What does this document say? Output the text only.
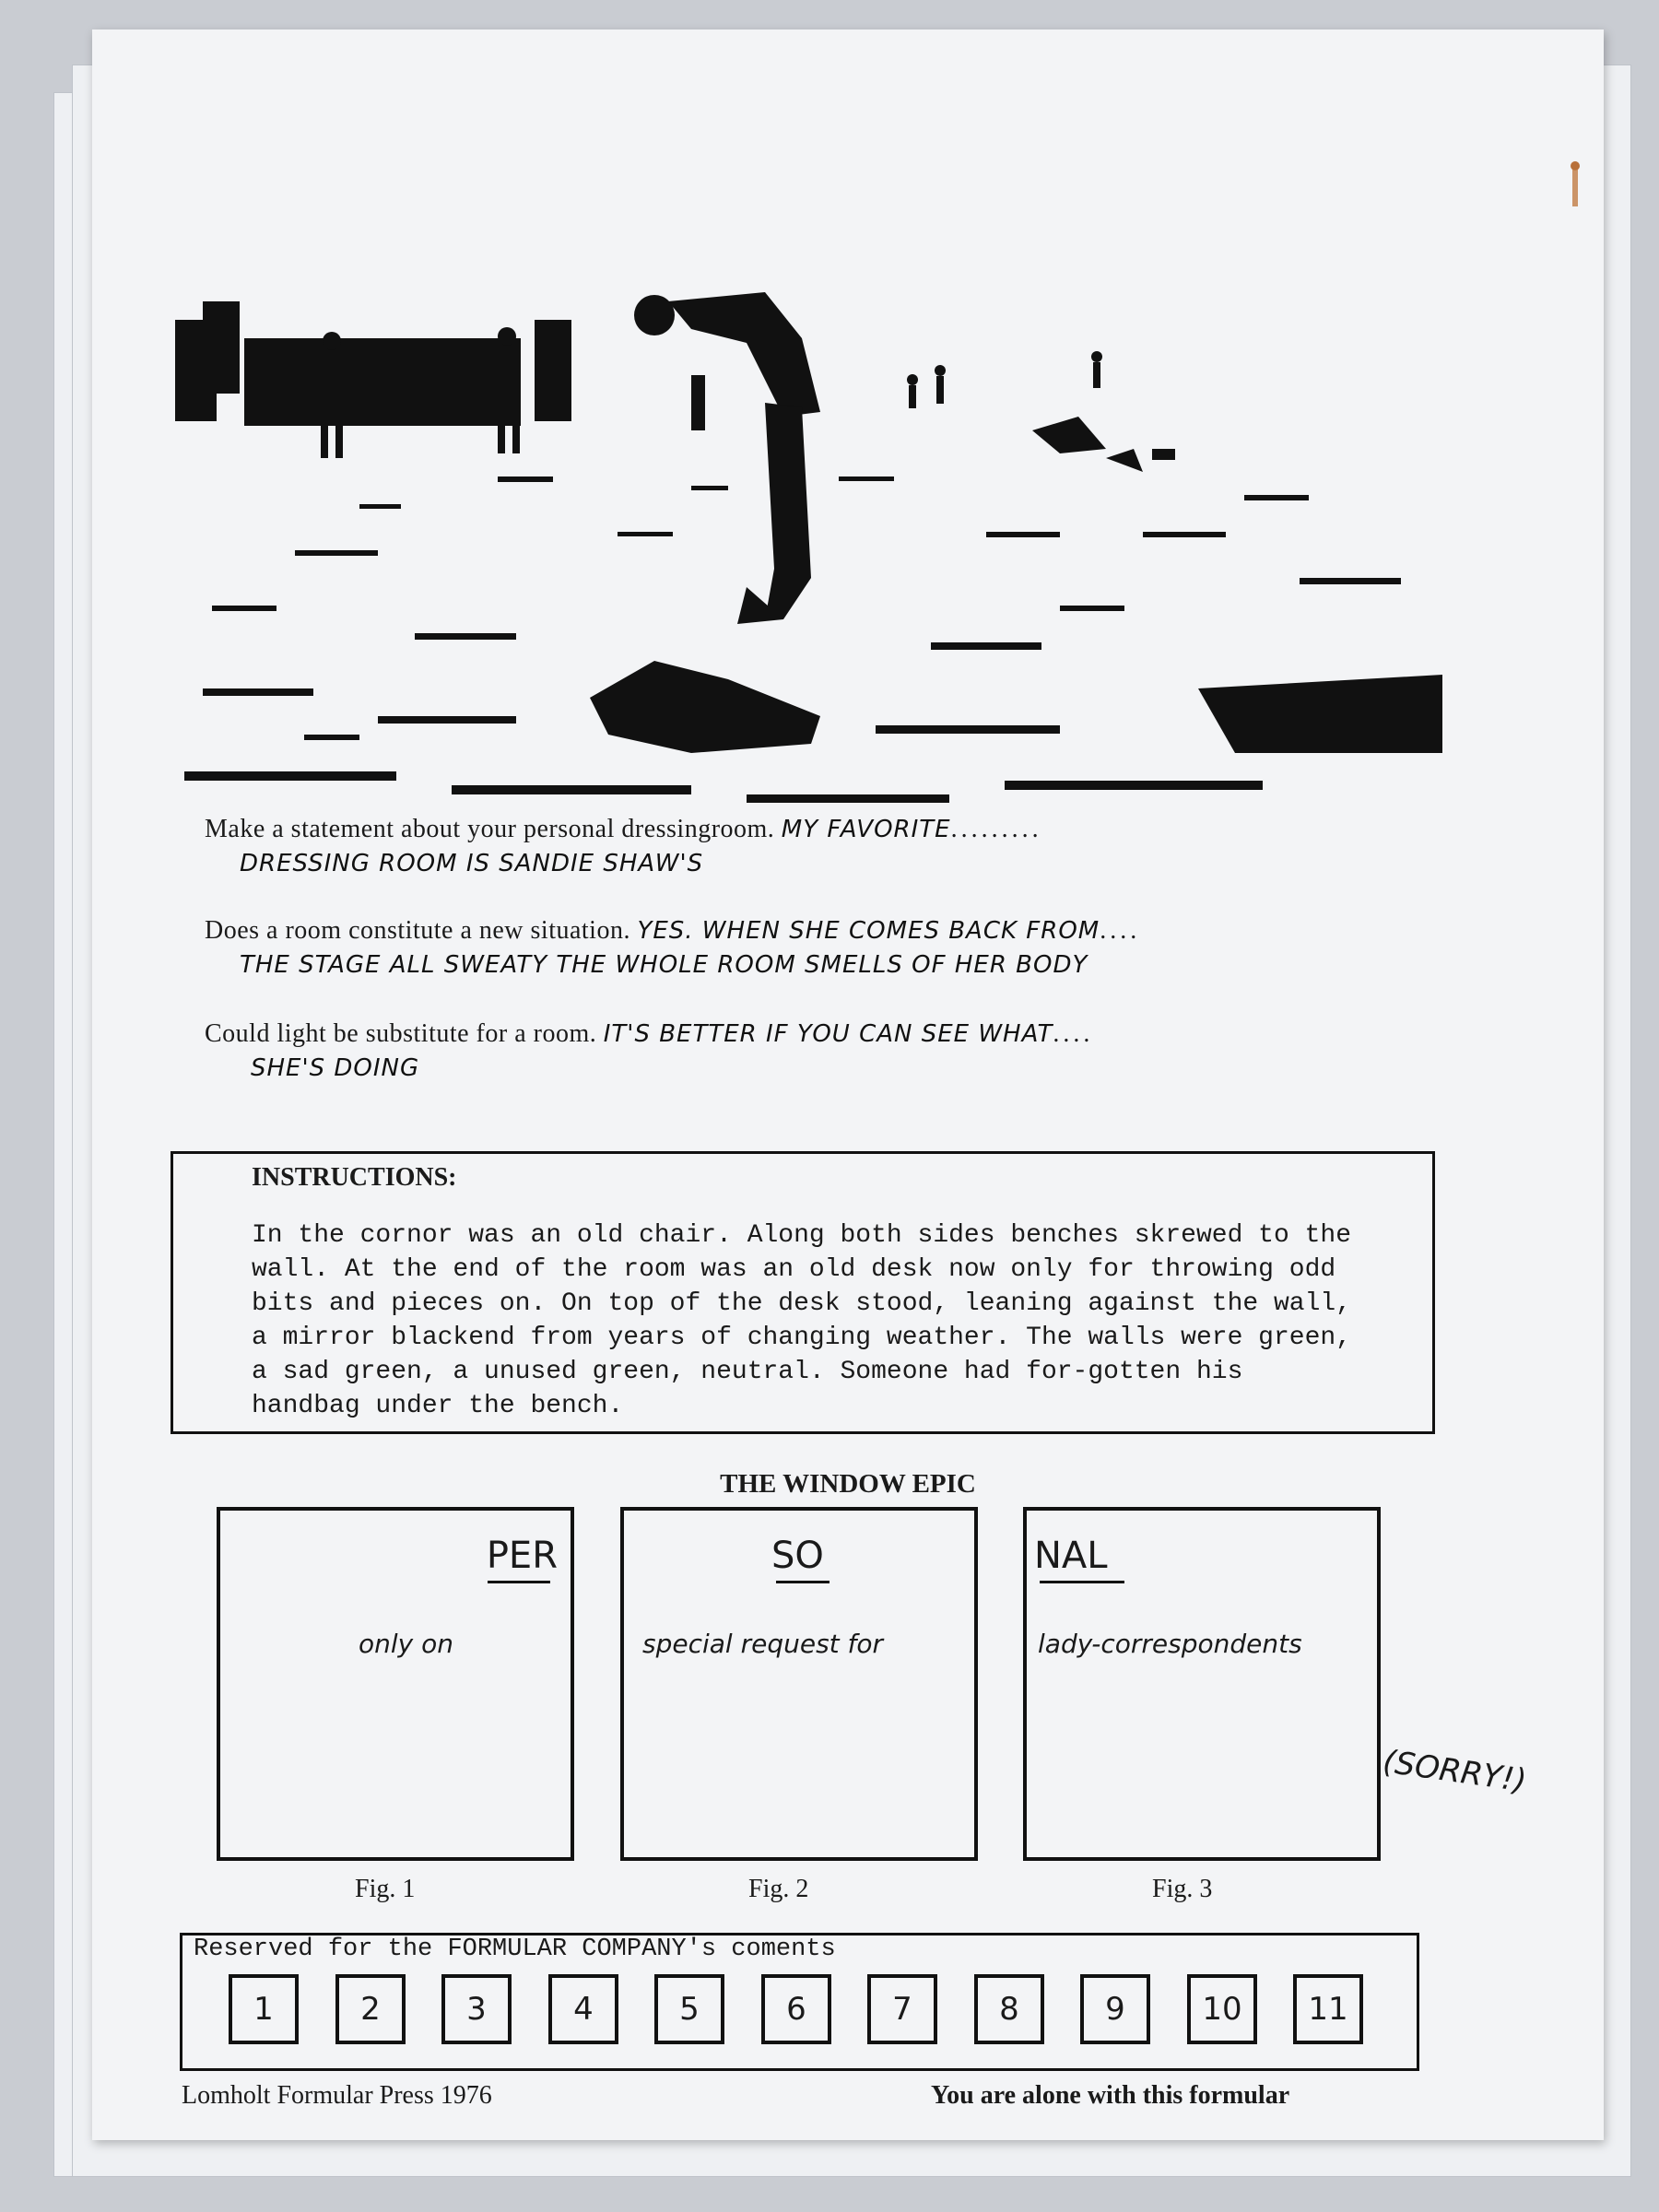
Make a statement about your personal dressingroom. MY FAVORITE.........
DRESSING ROOM IS SANDIE SHAW'S
Does a room constitute a new situation. YES. WHEN SHE COMES BACK FROM....
THE STAGE ALL SWEATY THE WHOLE ROOM SMELLS OF HER BODY
Could light be substitute for a room. IT'S BETTER IF YOU CAN SEE WHAT....
SHE'S DOING
INSTRUCTIONS:
In the cornor was an old chair. Along both sides benches skrewed to the wall. At the end of the room was an old desk now only for throwing odd bits and pieces on. On top of the desk stood, leaning against the wall, a mirror blackend from years of changing weather. The walls were green, a sad green, a unused green, neutral. Someone had for-gotten his handbag under the bench.
THE WINDOW EPIC
PER
only on
SO
special request for
NAL
lady-correspondents
Fig. 1	Fig. 2	Fig. 3
(SORRY!)
Reserved for the FORMULAR COMPANY's coments
1	2	3	4	5	6	7	8	9	10	11
Lomholt Formular Press 1976	You are alone with this formular
